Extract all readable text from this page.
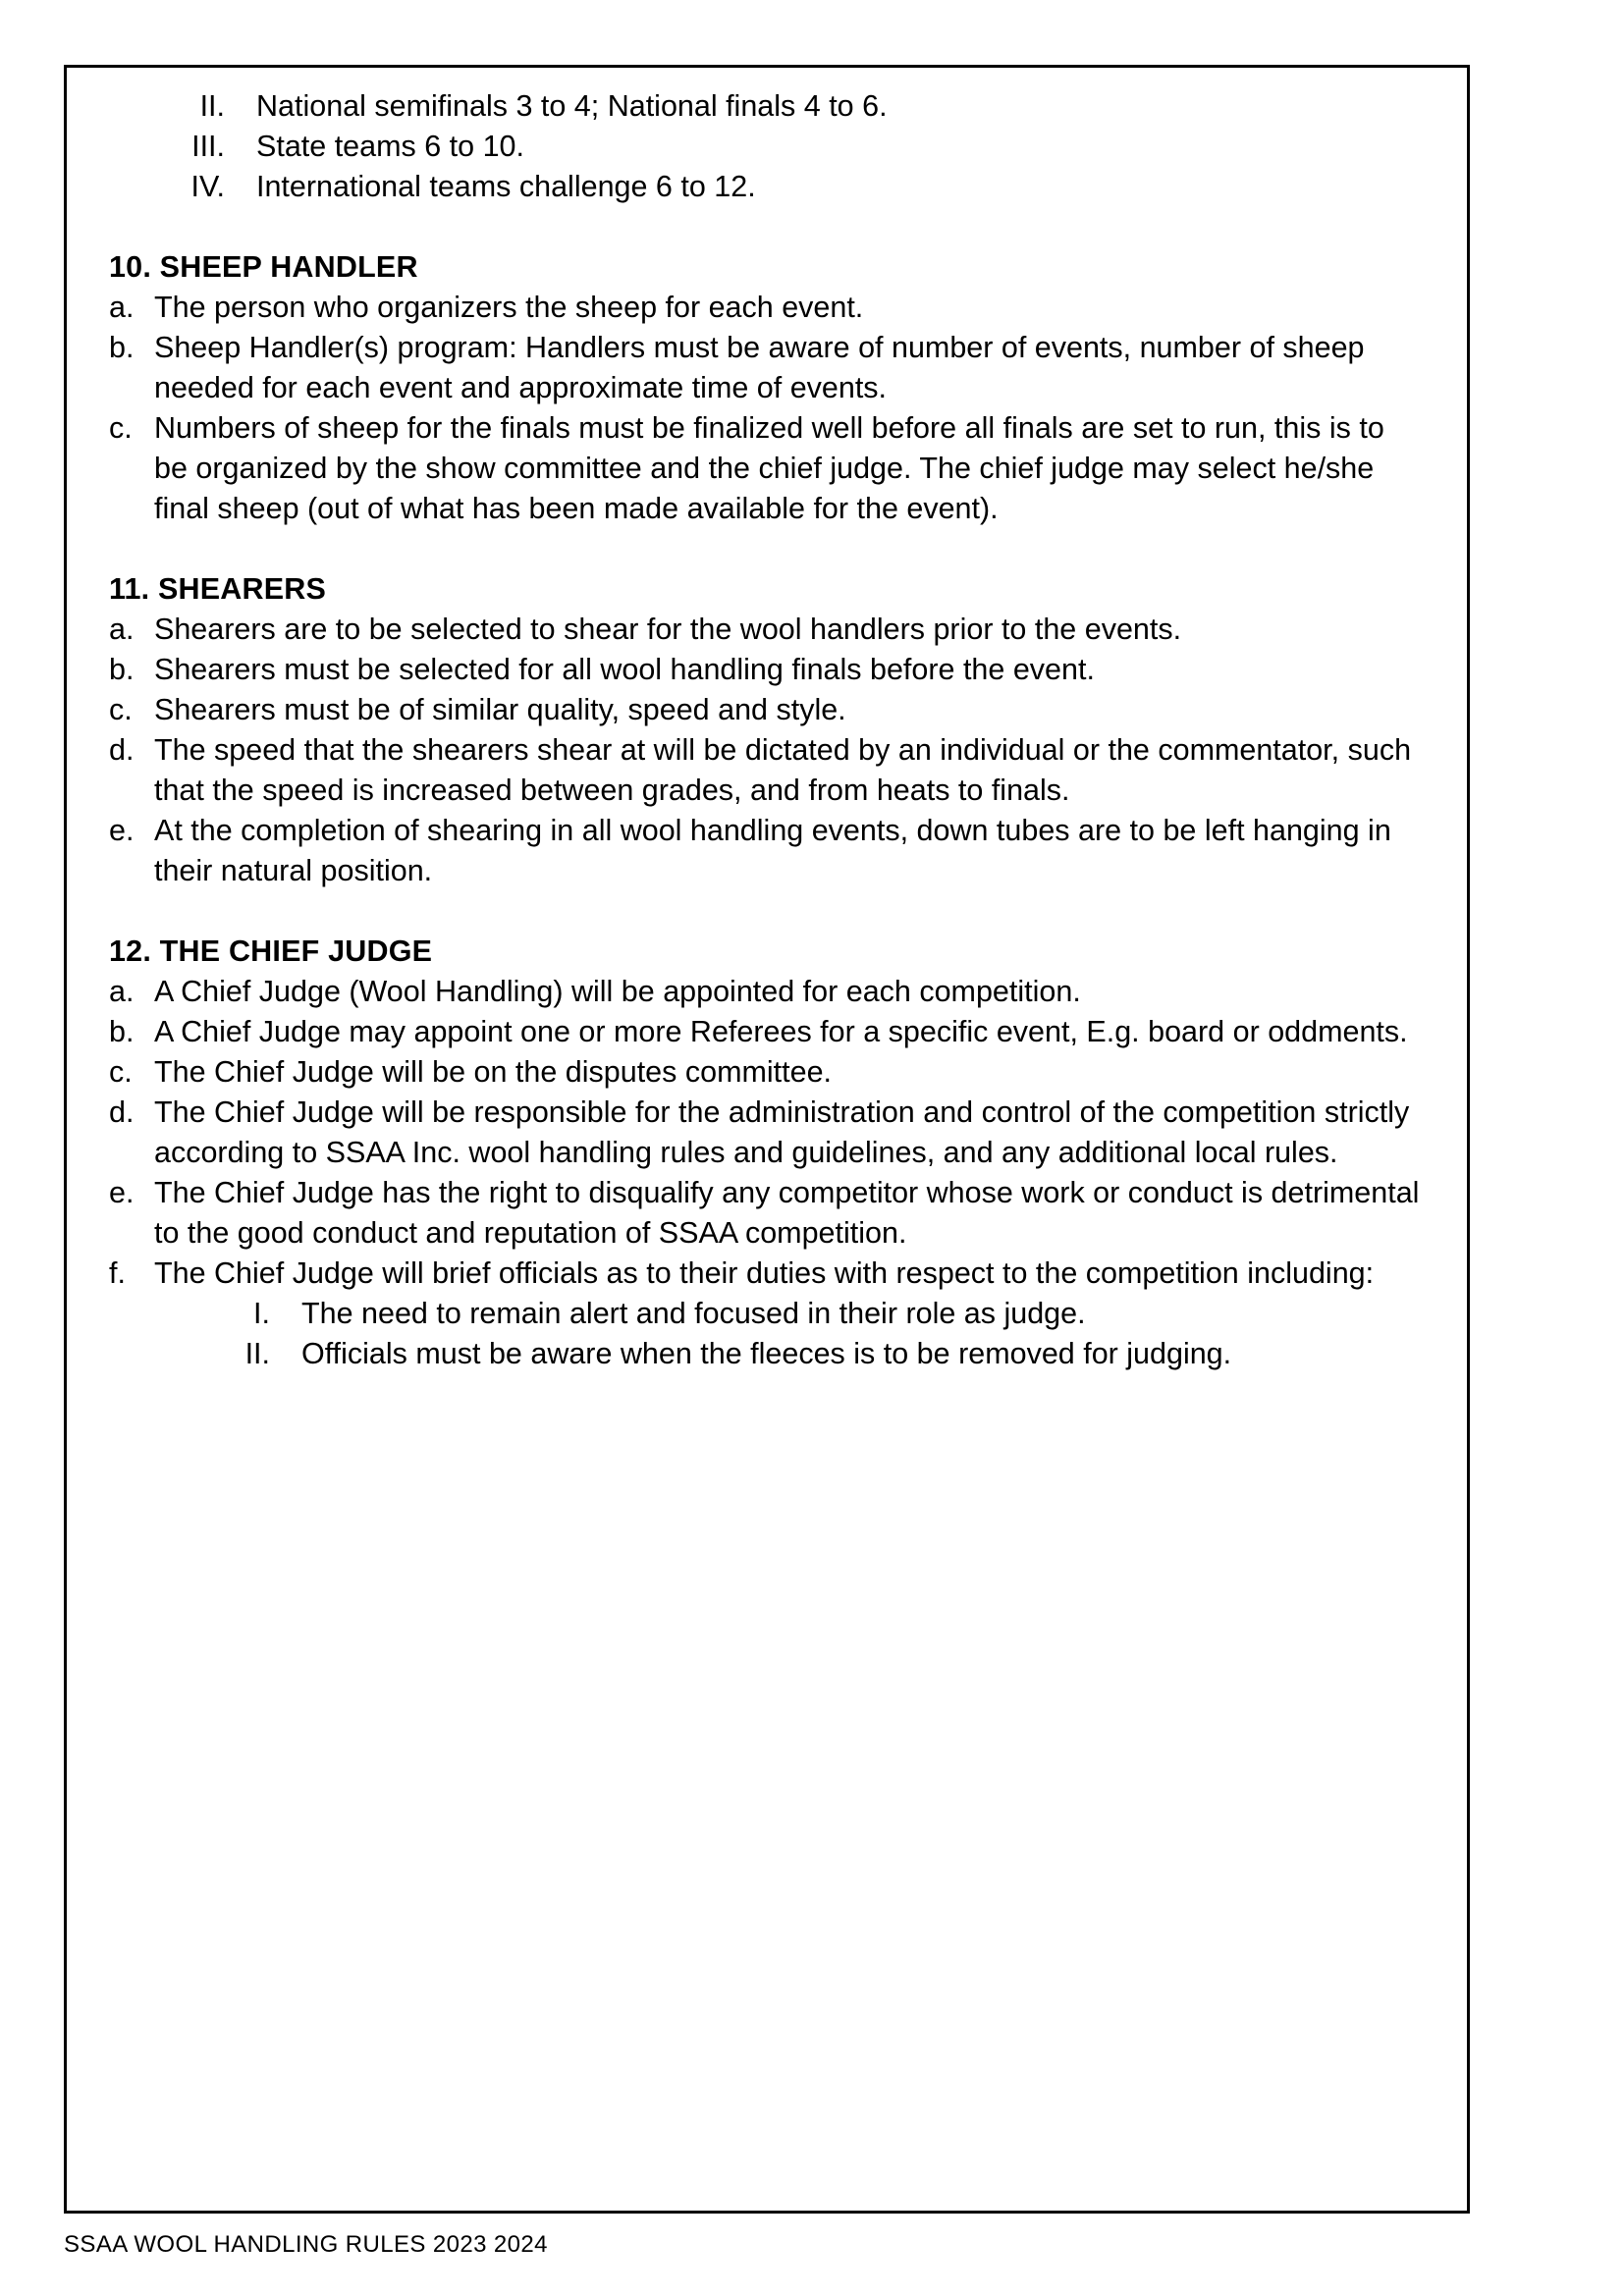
II.	National semifinals 3 to 4; National finals 4 to 6.
III.	State teams 6 to 10.
IV.	International teams challenge 6 to 12.
10. SHEEP HANDLER
a. The person who organizers the sheep for each event.
b. Sheep Handler(s) program: Handlers must be aware of number of events, number of sheep needed for each event and approximate time of events.
c. Numbers of sheep for the finals must be finalized well before all finals are set to run, this is to be organized by the show committee and the chief judge. The chief judge may select he/she final sheep (out of what has been made available for the event).
11. SHEARERS
a. Shearers are to be selected to shear for the wool handlers prior to the events.
b. Shearers must be selected for all wool handling finals before the event.
c. Shearers must be of similar quality, speed and style.
d. The speed that the shearers shear at will be dictated by an individual or the commentator, such that the speed is increased between grades, and from heats to finals.
e. At the completion of shearing in all wool handling events, down tubes are to be left hanging in their natural position.
12. THE CHIEF JUDGE
a. A Chief Judge (Wool Handling) will be appointed for each competition.
b. A Chief Judge may appoint one or more Referees for a specific event, E.g. board or oddments.
c. The Chief Judge will be on the disputes committee.
d. The Chief Judge will be responsible for the administration and control of the competition strictly according to SSAA Inc. wool handling rules and guidelines, and any additional local rules.
e. The Chief Judge has the right to disqualify any competitor whose work or conduct is detrimental to the good conduct and reputation of SSAA competition.
f. The Chief Judge will brief officials as to their duties with respect to the competition including:
I.	The need to remain alert and focused in their role as judge.
II.	Officials must be aware when the fleeces is to be removed for judging.
SSAA WOOL HANDLING RULES 2023 2024
